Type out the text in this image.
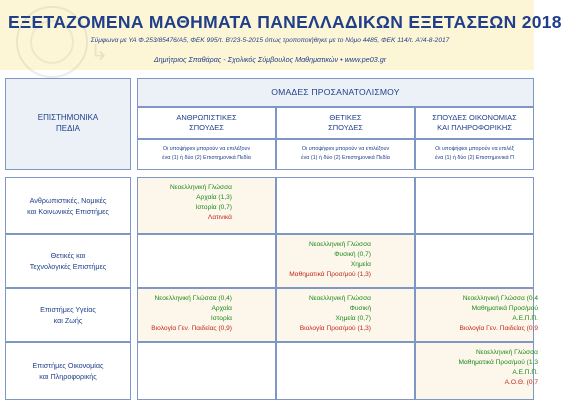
↳
ΕΞΕΤΑΖΟΜΕΝΑ ΜΑΘΗΜΑΤΑ ΠΑΝΕΛΛΑΔΙΚΩΝ ΕΞΕΤΑΣΕΩΝ 2018
Σύμφωνα με ΥΑ Φ.253/85476/Α5, ΦΕΚ 995/τ. Β'/23-5-2015 όπως τροποποιήθηκε με το Νόμο 4485, ΦΕΚ 114/τ. Α'/4-8-2017
Δημήτριος Σπαθάρας - Σχολικός Σύμβουλος Μαθηματικών • www.pe03.gr
ΕΠΙΣΤΗΜΟΝΙΚΑ
ΠΕΔΙΑ
ΟΜΑΔΕΣ ΠΡΟΣΑΝΑΤΟΛΙΣΜΟΥ
ΑΝΘΡΩΠΙΣΤΙΚΕΣ
ΣΠΟΥΔΕΣ
Οι υποψήφιοι μπορούν να επιλέξουν
ένα (1) ή δύο (2) Επιστημονικά Πεδία
ΘΕΤΙΚΕΣ
ΣΠΟΥΔΕΣ
Οι υποψήφιοι μπορούν να επιλέξουν
ένα (1) ή δύο (2) Επιστημονικά Πεδία
ΣΠΟΥΔΕΣ ΟΙΚΟΝΟΜΙΑΣ
ΚΑΙ ΠΛΗΡΟΦΟΡΙΚΗΣ
Οι υποψήφιοι μπορούν να επιλέξ
ένα (1) ή δύο (2) Επιστημονικά Π
Ανθρωπιστικές, Νομικές
και Κοινωνικές Επιστήμες
Νεοελληνική Γλώσσα
Αρχαία (1,3)
Ιστορία (0,7)
Λατινικά
Θετικές και
Τεχνολογικές Επιστήμες
Νεοελληνική Γλώσσα
Φυσική (0,7)
Χημεία
Μαθηματικά Προσ/μού (1,3)
Επιστήμες Υγείας
και Ζωής
Νεοελληνική Γλώσσα (0,4)
Αρχαία
Ιστορία
Βιολογία Γεν. Παιδείας (0,9)
Νεοελληνική Γλώσσα
Φυσική
Χημεία (0,7)
Βιολογία Προσ/μού (1,3)
Νεοελληνική Γλώσσα (0,4
Μαθηματικά Προσ/μού
Α.Ε.Π.Π.
Βιολογία Γεν. Παιδείας (0,9
Επιστήμες Οικονομίας
και Πληροφορικής
Νεοελληνική Γλώσσα
Μαθηματικά Προσ/μού (1,3
Α.Ε.Π.Π.
Α.Ο.Θ. (0,7
